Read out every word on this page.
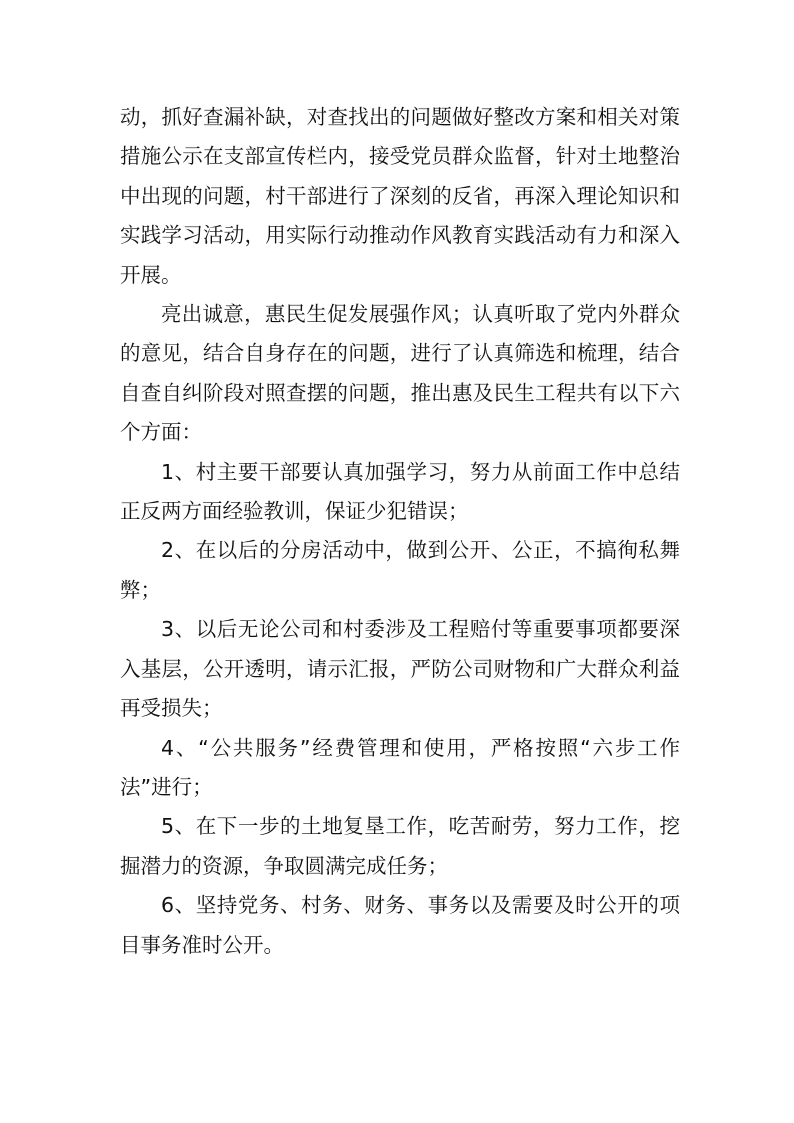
动，抓好查漏补缺，对查找出的问题做好整改方案和相关对策措施公示在支部宣传栏内，接受党员群众监督，针对土地整治中出现的问题，村干部进行了深刻的反省，再深入理论知识和实践学习活动，用实际行动推动作风教育实践活动有力和深入开展。

亮出诚意，惠民生促发展强作风；认真听取了党内外群众的意见，结合自身存在的问题，进行了认真筛选和梳理，结合自查自纠阶段对照查摆的问题，推出惠及民生工程共有以下六个方面：

1、村主要干部要认真加强学习，努力从前面工作中总结正反两方面经验教训，保证少犯错误；

2、在以后的分房活动中，做到公开、公正，不搞徇私舞弊；

3、以后无论公司和村委涉及工程赔付等重要事项都要深入基层，公开透明，请示汇报，严防公司财物和广大群众利益再受损失；

4、“公共服务”经费管理和使用，严格按照“六步工作法”进行；

5、在下一步的土地复垦工作，吃苦耐劳，努力工作，挖掘潜力的资源，争取圆满完成任务；

6、坚持党务、村务、财务、事务以及需要及时公开的项目事务准时公开。
